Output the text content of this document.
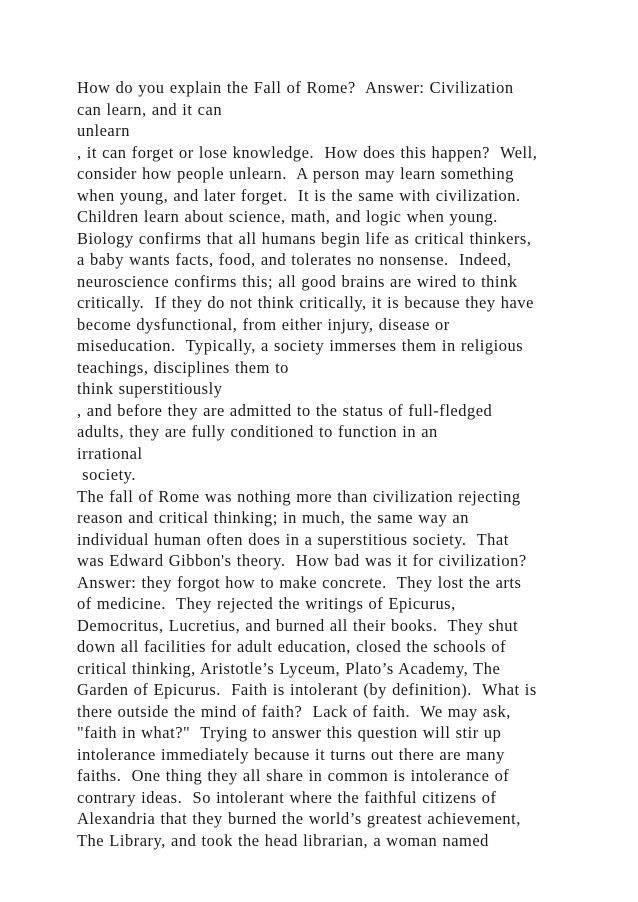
How do you explain the Fall of Rome?  Answer: Civilization
can learn, and it can
unlearn
, it can forget or lose knowledge.  How does this happen?  Well,
consider how people unlearn.  A person may learn something
when young, and later forget.  It is the same with civilization.
Children learn about science, math, and logic when young.
Biology confirms that all humans begin life as critical thinkers,
a baby wants facts, food, and tolerates no nonsense.  Indeed,
neuroscience confirms this; all good brains are wired to think
critically.  If they do not think critically, it is because they have
become dysfunctional, from either injury, disease or
miseducation.  Typically, a society immerses them in religious
teachings, disciplines them to
think superstitiously
, and before they are admitted to the status of full-fledged
adults, they are fully conditioned to function in an
irrational
society.
The fall of Rome was nothing more than civilization rejecting
reason and critical thinking; in much, the same way an
individual human often does in a superstitious society.  That
was Edward Gibbon's theory.  How bad was it for civilization?
Answer: they forgot how to make concrete.  They lost the arts
of medicine.  They rejected the writings of Epicurus,
Democritus, Lucretius, and burned all their books.  They shut
down all facilities for adult education, closed the schools of
critical thinking, Aristotle’s Lyceum, Plato’s Academy, The
Garden of Epicurus.  Faith is intolerant (by definition).  What is
there outside the mind of faith?  Lack of faith.  We may ask,
"faith in what?"  Trying to answer this question will stir up
intolerance immediately because it turns out there are many
faiths.  One thing they all share in common is intolerance of
contrary ideas.  So intolerant where the faithful citizens of
Alexandria that they burned the world’s greatest achievement,
The Library, and took the head librarian, a woman named
